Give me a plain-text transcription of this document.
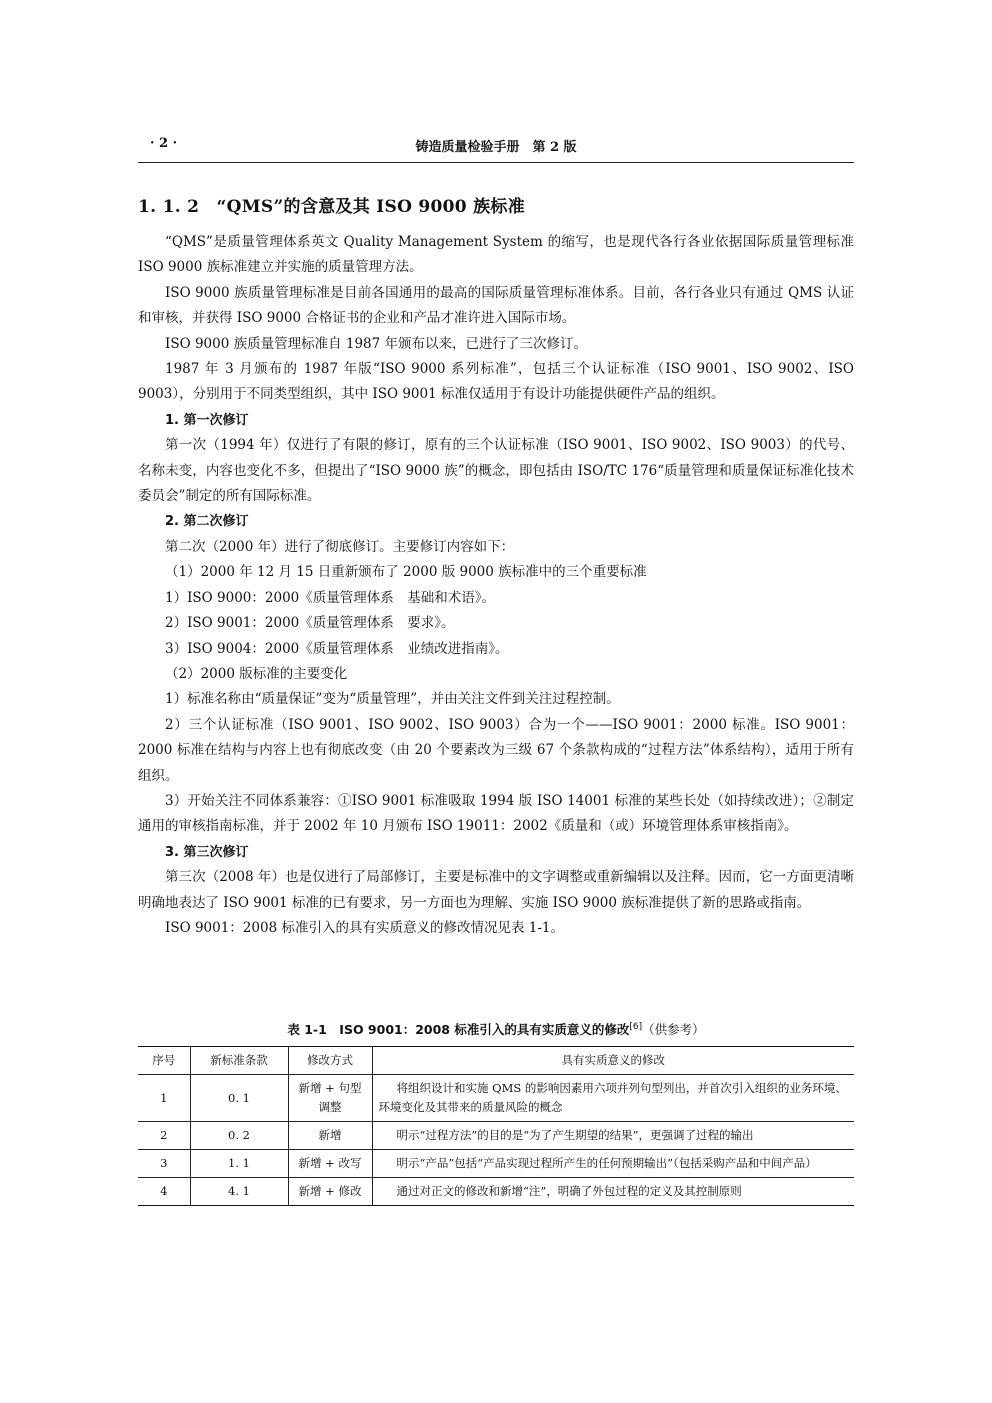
· 2 ·	铸造质量检验手册　第 2 版
1. 1. 2　“QMS”的含意及其 ISO 9000 族标准

“QMS”是质量管理体系英文 Quality Management System 的缩写，也是现代各行各业依据国际质量管理标准 ISO 9000 族标准建立并实施的质量管理方法。

ISO 9000 族质量管理标准是目前各国通用的最高的国际质量管理标准体系。目前，各行各业只有通过 QMS 认证和审核，并获得 ISO 9000 合格证书的企业和产品才准许进入国际市场。

ISO 9000 族质量管理标准自 1987 年颁布以来，已进行了三次修订。

1987 年 3 月颁布的 1987 年版“ISO 9000 系列标准”，包括三个认证标准（ISO 9001、ISO 9002、ISO 9003），分别用于不同类型组织，其中 ISO 9001 标准仅适用于有设计功能提供硬件产品的组织。

1. 第一次修订

第一次（1994 年）仅进行了有限的修订，原有的三个认证标准（ISO 9001、ISO 9002、ISO 9003）的代号、名称未变，内容也变化不多，但提出了“ISO 9000 族”的概念，即包括由 ISO/TC 176“质量管理和质量保证标准化技术委员会”制定的所有国际标准。

2. 第二次修订

第二次（2000 年）进行了彻底修订。主要修订内容如下：

（1）2000 年 12 月 15 日重新颁布了 2000 版 9000 族标准中的三个重要标准

1）ISO 9000：2000《质量管理体系　基础和术语》。

2）ISO 9001：2000《质量管理体系　要求》。

3）ISO 9004：2000《质量管理体系　业绩改进指南》。

（2）2000 版标准的主要变化

1）标准名称由“质量保证”变为“质量管理”，并由关注文件到关注过程控制。

2）三个认证标准（ISO 9001、ISO 9002、ISO 9003）合为一个——ISO 9001：2000 标准。ISO 9001：2000 标准在结构与内容上也有彻底改变（由 20 个要素改为三级 67 个条款构成的“过程方法”体系结构），适用于所有组织。

3）开始关注不同体系兼容：①ISO 9001 标准吸取 1994 版 ISO 14001 标准的某些长处（如持续改进）；②制定通用的审核指南标准，并于 2002 年 10 月颁布 ISO 19011：2002《质量和（或）环境管理体系审核指南》。

3. 第三次修订

第三次（2008 年）也是仅进行了局部修订，主要是标准中的文字调整或重新编辑以及注释。因而，它一方面更清晰明确地表达了 ISO 9001 标准的已有要求，另一方面也为理解、实施 ISO 9000 族标准提供了新的思路或指南。

ISO 9001：2008 标准引入的具有实质意义的修改情况见表 1-1。

表 1-1　ISO 9001：2008 标准引入的具有实质意义的修改[6]（供参考）
序号	新标准条款	修改方式	具有实质意义的修改
1	0. 1	新增 + 句型调整	将组织设计和实施 QMS 的影响因素用六项并列句型列出，并首次引入组织的业务环境、环境变化及其带来的质量风险的概念
2	0. 2	新增	明示“过程方法”的目的是“为了产生期望的结果”，更强调了过程的输出
3	1. 1	新增 + 改写	明示“产品”包括“产品实现过程所产生的任何预期输出”（包括采购产品和中间产品）
4	4. 1	新增 + 修改	通过对正文的修改和新增“注”，明确了外包过程的定义及其控制原则
